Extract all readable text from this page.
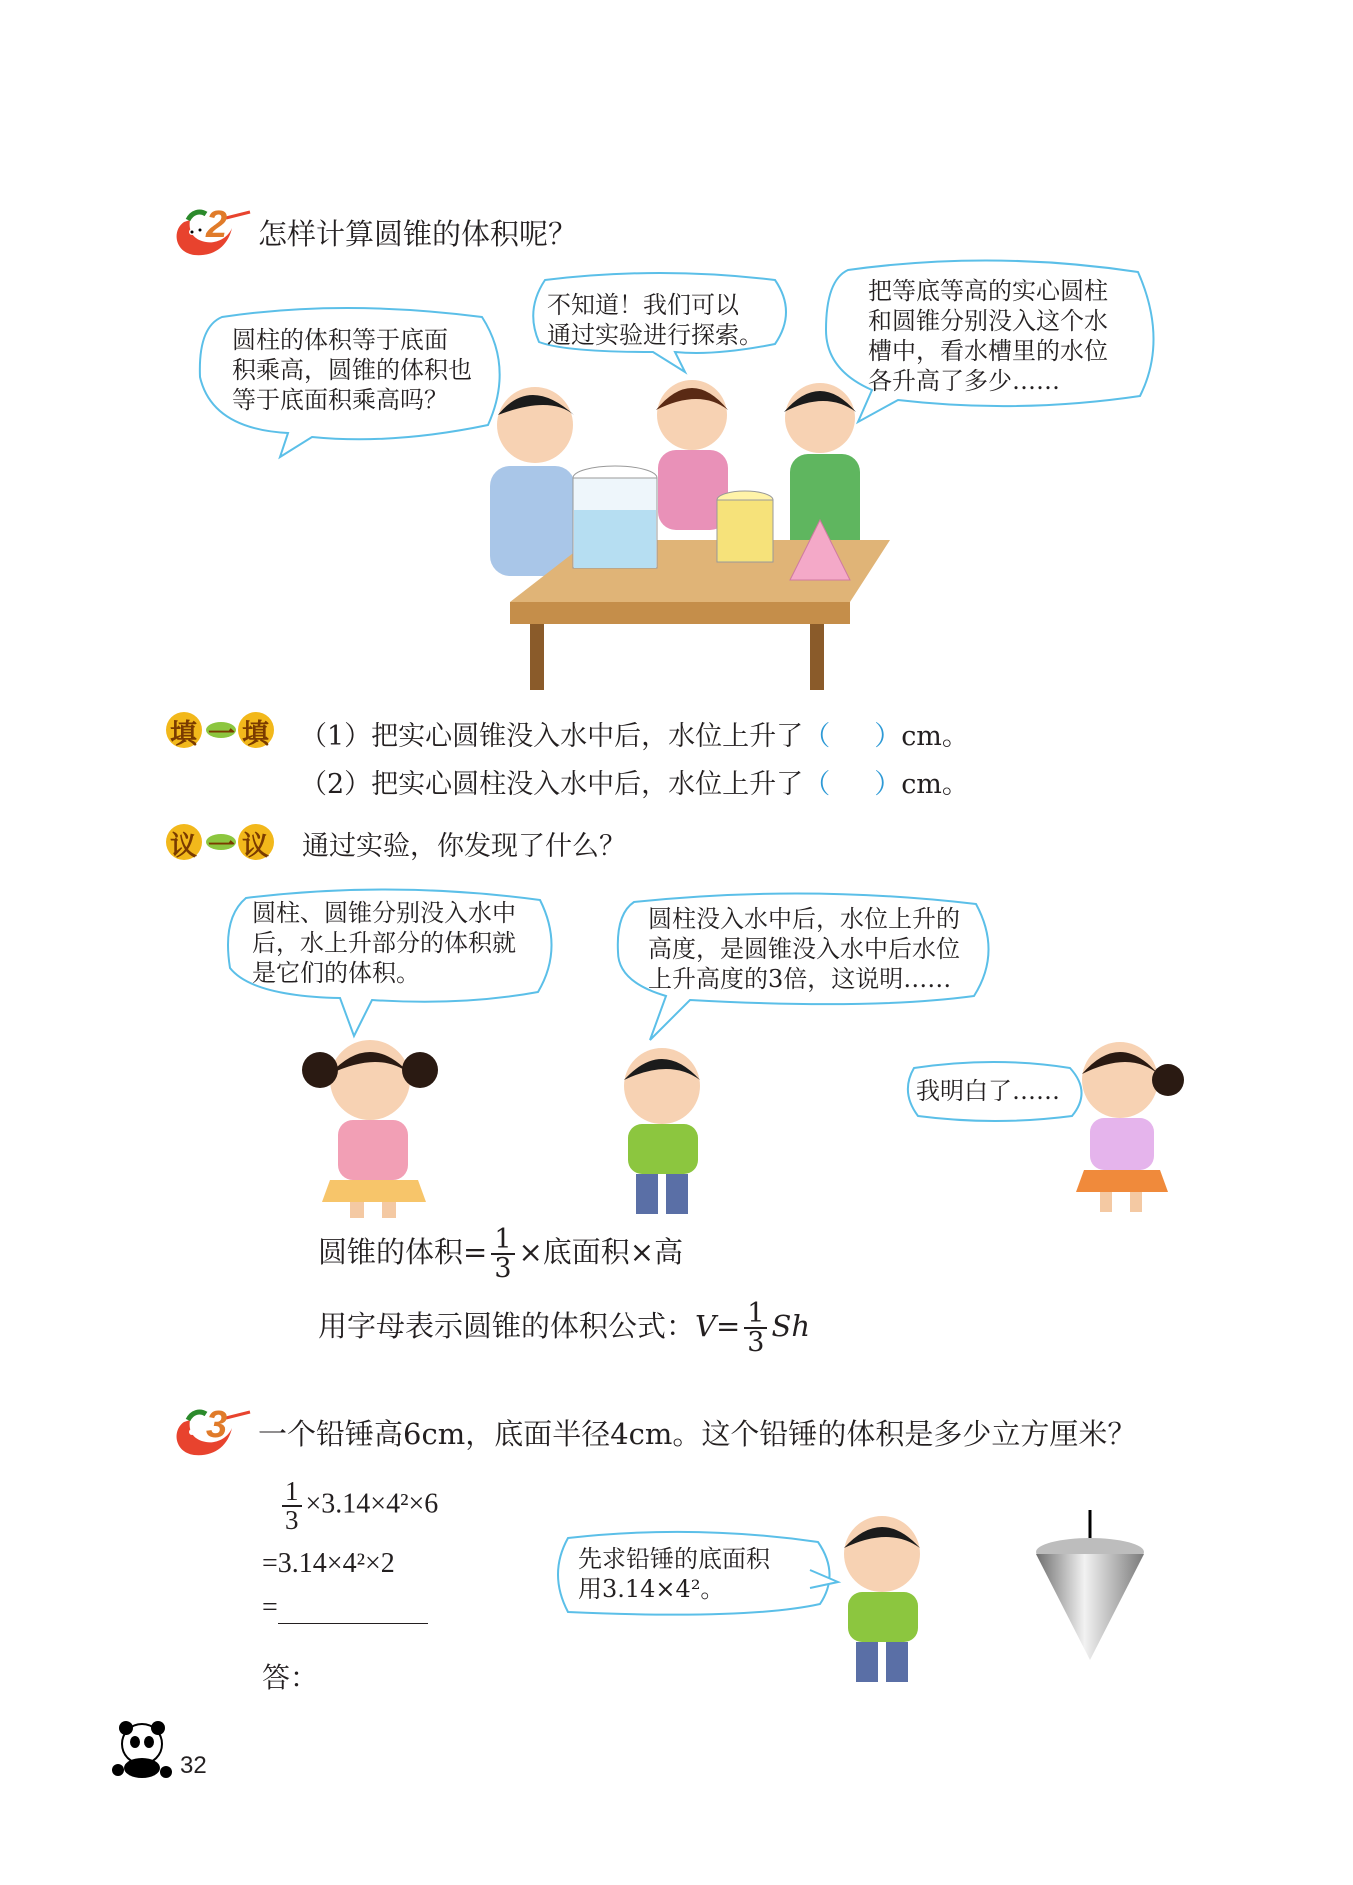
2 怎样计算圆锥的体积呢？
圆柱的体积等于底面
积乘高，圆锥的体积也
等于底面积乘高吗？
不知道！我们可以
通过实验进行探索。
把等底等高的实心圆柱
和圆锥分别没入这个水
槽中，看水槽里的水位
各升高了多少……
填 一 填 （1）把实心圆锥没入水中后，水位上升了（ ）cm。
（2）把实心圆柱没入水中后，水位上升了（ ）cm。
议 一 议 通过实验，你发现了什么？
圆柱、圆锥分别没入水中
后，水上升部分的体积就
是它们的体积。
圆柱没入水中后，水位上升的
高度，是圆锥没入水中后水位
上升高度的3倍，这说明……
我明白了……
圆锥的体积= $\frac{1}{3}$ ×底面积×高
用字母表示圆锥的体积公式：$V= \frac{1}{3}$ Sh
3 一个铅锤高6cm，底面半径4cm。这个铅锤的体积是多少立方厘米？
$\frac{1}{3} \times 3.14\times 4^2\times 6$
=3.14×4²×2
=
答：
先求铅锤的底面积
用3.14×4²。
32
